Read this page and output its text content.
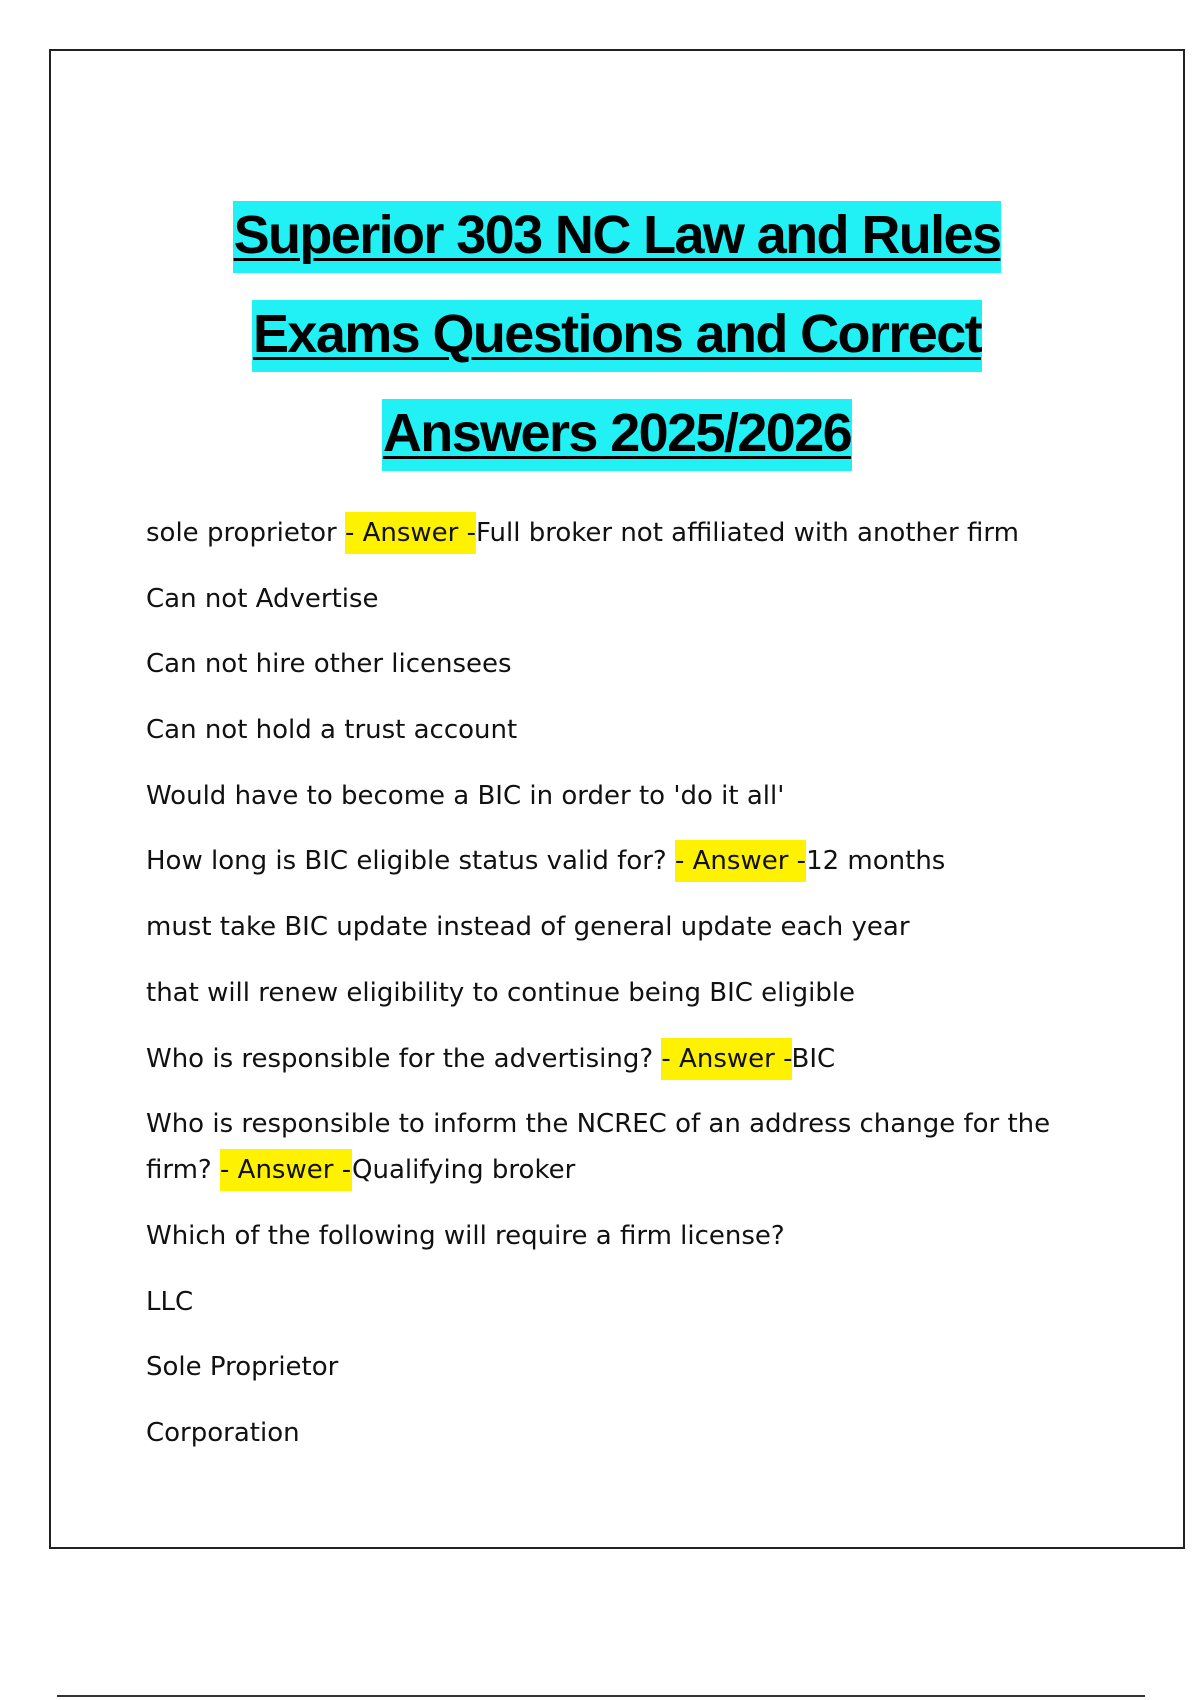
Superior 303 NC Law and Rules
Exams Questions and Correct
Answers 2025/2026

sole proprietor - Answer -Full broker not affiliated with another firm

Can not Advertise

Can not hire other licensees

Can not hold a trust account

Would have to become a BIC in order to 'do it all'

How long is BIC eligible status valid for? - Answer -12 months

must take BIC update instead of general update each year

that will renew eligibility to continue being BIC eligible

Who is responsible for the advertising? - Answer -BIC

Who is responsible to inform the NCREC of an address change for the firm? - Answer -Qualifying broker

Which of the following will require a firm license?

LLC

Sole Proprietor

Corporation
